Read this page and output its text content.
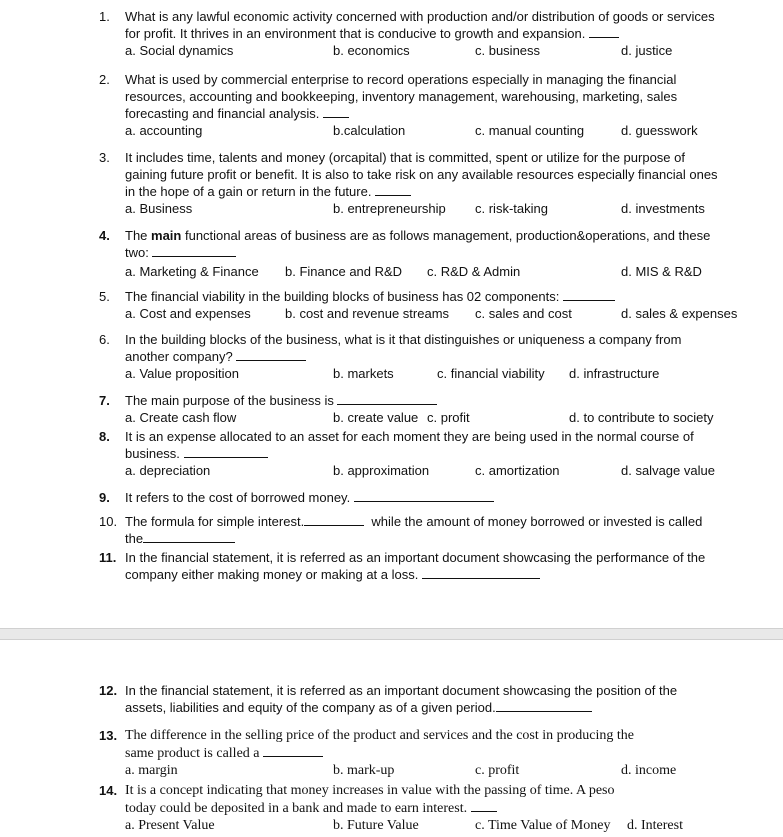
1.	What is any lawful economic activity concerned with production and/or distribution of goods or services
for profit. It thrives in an environment that is conducive to growth and expansion.
a. Social dynamics	b. economics	c. business	d. justice
2.	What is used by commercial enterprise to record operations especially in managing the financial
resources, accounting and bookkeeping, inventory management, warehousing, marketing, sales
forecasting and financial analysis.
a. accounting	b.calculation	c. manual counting	d. guesswork
3.	It includes time, talents and money (orcapital) that is committed, spent or utilize for the purpose of
gaining future profit or benefit. It is also to take risk on any available resources especially financial ones
in the hope of a gain or return in the future.
a. Business	b. entrepreneurship c. risk-taking	d. investments
4.	The main functional areas of business are as follows management, production&operations, and these
two:
a. Marketing & Finance b. Finance and R&D c. R&D & Admin	d. MIS & R&D
5.	The financial viability in the building blocks of business has 02 components:
a. Cost and expenses	b. cost and revenue streams c. sales and cost	d. sales & expenses
6.	In the building blocks of the business, what is it that distinguishes or uniqueness a company from
another company?
a. Value proposition	b. markets	c. financial viability d. infrastructure
7.	The main purpose of the business is
a. Create cash flow	b. create value c. profit	d. to contribute to society
8.	It is an expense allocated to an asset for each moment they are being used in the normal course of
business.
a. depreciation	b. approximation	c. amortization	d. salvage value
9.	It refers to the cost of borrowed money.
10. The formula for simple interest.	while the amount of money borrowed or invested is called
the
11. In the financial statement, it is referred as an important document showcasing the performance of the
company either making money or making at a loss.
12. In the financial statement, it is referred as an important document showcasing the position of the
assets, liabilities and equity of the company as of a given period.
13. The difference in the selling price of the product and services and the cost in producing the
same product is called a
a. margin	b. mark-up	c. profit	d. income
14. It is a concept indicating that money increases in value with the passing of time. A peso
today could be deposited in a bank and made to earn interest.
a. Present Value	b. Future Value	c. Time Value of Money d. Interest
